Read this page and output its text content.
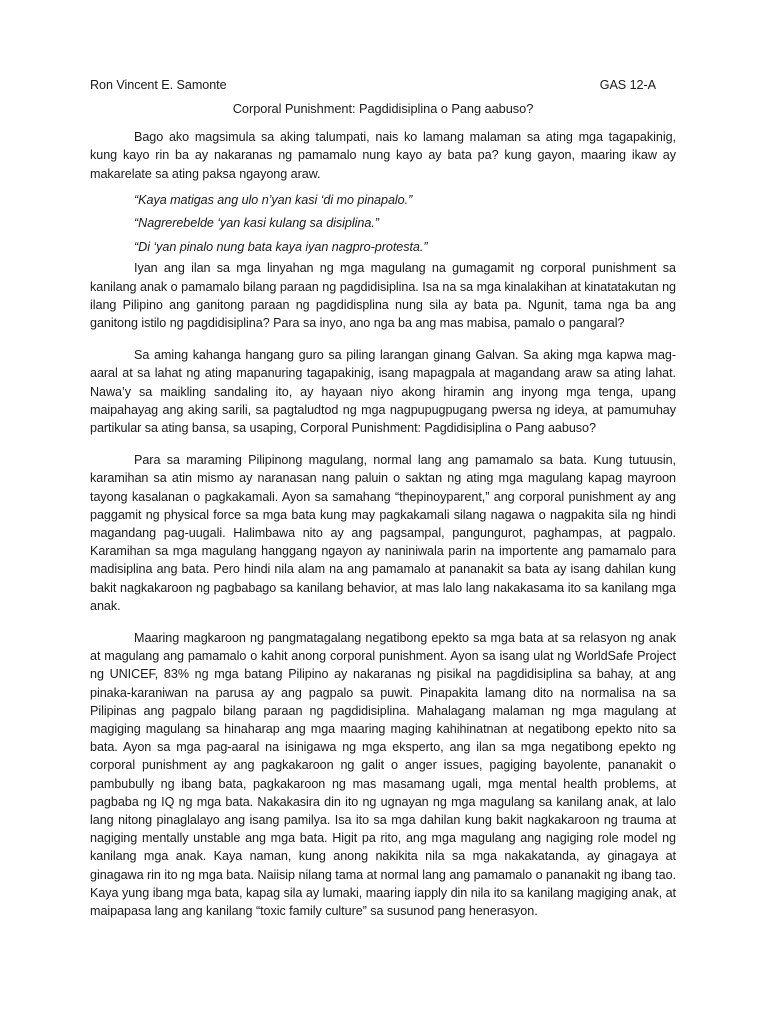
Ron Vincent E. Samonte	GAS 12-A
Corporal Punishment: Pagdidisiplina o Pang aabuso?

Bago ako magsimula sa aking talumpati, nais ko lamang malaman sa ating mga tagapakinig, kung kayo rin ba ay nakaranas ng pamamalo nung kayo ay bata pa? kung gayon, maaring ikaw ay makarelate sa ating paksa ngayong araw.

“Kaya matigas ang ulo n’yan kasi ‘di mo pinapalo.”
“Nagrerebelde ‘yan kasi kulang sa disiplina.”
“Di ‘yan pinalo nung bata kaya iyan nagpro-protesta.”

Iyan ang ilan sa mga linyahan ng mga magulang na gumagamit ng corporal punishment sa kanilang anak o pamamalo bilang paraan ng pagdidisiplina. Isa na sa mga kinalakihan at kinatatakutan ng ilang Pilipino ang ganitong paraan ng pagdidisplina nung sila ay bata pa. Ngunit, tama nga ba ang ganitong istilo ng pagdidisiplina? Para sa inyo, ano nga ba ang mas mabisa, pamalo o pangaral?

Sa aming kahanga hangang guro sa piling larangan ginang Galvan. Sa aking mga kapwa mag-aaral at sa lahat ng ating mapanuring tagapakinig, isang mapagpala at magandang araw sa ating lahat. Nawa’y sa maikling sandaling ito, ay hayaan niyo akong hiramin ang inyong mga tenga, upang maipahayag ang aking sarili, sa pagtaludtod ng mga nagpupugpugang pwersa ng ideya, at pamumuhay partikular sa ating bansa, sa usaping, Corporal Punishment: Pagdidisiplina o Pang aabuso?

Para sa maraming Pilipinong magulang, normal lang ang pamamalo sa bata. Kung tutuusin, karamihan sa atin mismo ay naranasan nang paluin o saktan ng ating mga magulang kapag mayroon tayong kasalanan o pagkakamali. Ayon sa samahang “thepinoyparent,” ang corporal punishment ay ang paggamit ng physical force sa mga bata kung may pagkakamali silang nagawa o nagpakita sila ng hindi magandang pag-uugali. Halimbawa nito ay ang pagsampal, pangungurot, paghampas, at pagpalo. Karamihan sa mga magulang hanggang ngayon ay naniniwala parin na importente ang pamamalo para madisiplina ang bata. Pero hindi nila alam na ang pamamalo at pananakit sa bata ay isang dahilan kung bakit nagkakaroon ng pagbabago sa kanilang behavior, at mas lalo lang nakakasama ito sa kanilang mga anak.

Maaring magkaroon ng pangmatagalang negatibong epekto sa mga bata at sa relasyon ng anak at magulang ang pamamalo o kahit anong corporal punishment. Ayon sa isang ulat ng WorldSafe Project ng UNICEF, 83% ng mga batang Pilipino ay nakaranas ng pisikal na pagdidisiplina sa bahay, at ang pinaka-karaniwan na parusa ay ang pagpalo sa puwit. Pinapakita lamang dito na normalisa na sa Pilipinas ang pagpalo bilang paraan ng pagdidisiplina. Mahalagang malaman ng mga magulang at magiging magulang sa hinaharap ang mga maaring maging kahihinatnan at negatibong epekto nito sa bata. Ayon sa mga pag-aaral na isinigawa ng mga eksperto, ang ilan sa mga negatibong epekto ng corporal punishment ay ang pagkakaroon ng galit o anger issues, pagiging bayolente, pananakit o pambubully ng ibang bata, pagkakaroon ng mas masamang ugali, mga mental health problems, at pagbaba ng IQ ng mga bata. Nakakasira din ito ng ugnayan ng mga magulang sa kanilang anak, at lalo lang nitong pinaglalayo ang isang pamilya. Isa ito sa mga dahilan kung bakit nagkakaroon ng trauma at nagiging mentally unstable ang mga bata. Higit pa rito, ang mga magulang ang nagiging role model ng kanilang mga anak. Kaya naman, kung anong nakikita nila sa mga nakakatanda, ay ginagaya at ginagawa rin ito ng mga bata. Naiisip nilang tama at normal lang ang pamamalo o pananakit ng ibang tao. Kaya yung ibang mga bata, kapag sila ay lumaki, maaring iapply din nila ito sa kanilang magiging anak, at maipapasa lang ang kanilang “toxic family culture” sa susunod pang henerasyon.
